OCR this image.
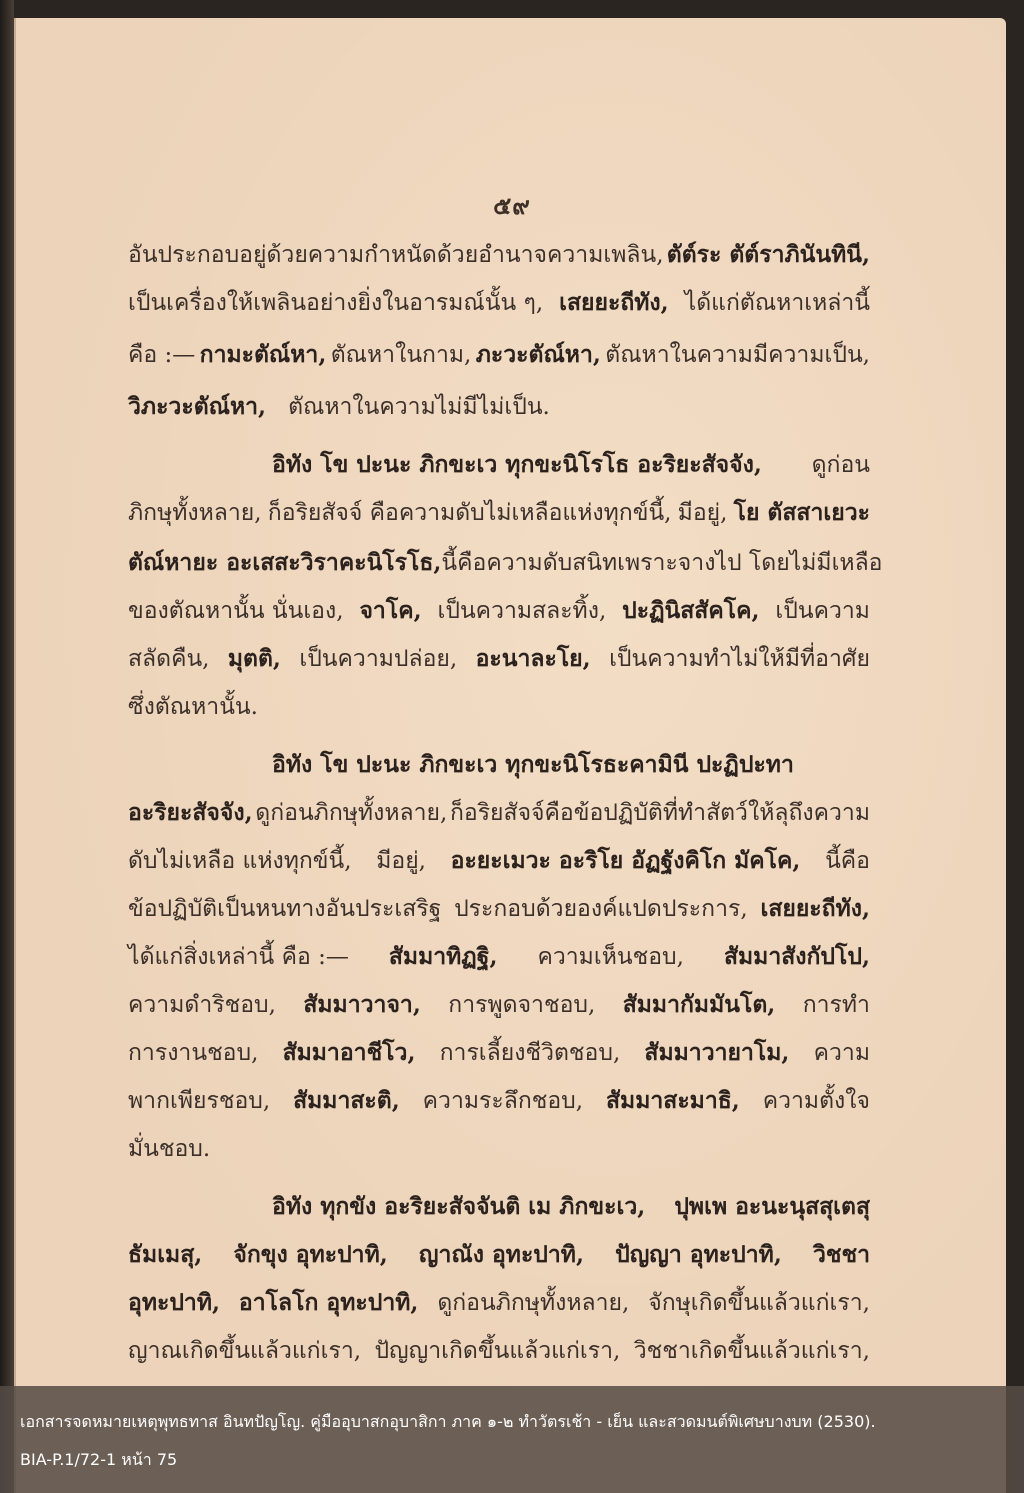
๕๙
อันประกอบอยู่ด้วยความกำหนัดด้วยอำนาจความเพลิน, ตัต์ระ ตัต์ราภินันทินี,
เป็นเครื่องให้เพลินอย่างยิ่งในอารมณ์นั้น ๆ, เสยยะถีทัง, ได้แก่ตัณหาเหล่านี้
คือ :— กามะตัณ์หา, ตัณหาในกาม, ภะวะตัณ์หา, ตัณหาในความมีความเป็น,
วิภะวะตัณ์หา, ตัณหาในความไม่มีไม่เป็น.
อิทัง โข ปะนะ ภิกขะเว ทุกขะนิโรโธ อะริยะสัจจัง, ดูก่อน
ภิกษุทั้งหลาย, ก็อริยสัจจ์ คือความดับไม่เหลือแห่งทุกข์นี้, มีอยู่, โย ตัสสาเยวะ
ตัณ์หายะ อะเสสะวิราคะนิโรโธ, นี้คือความดับสนิทเพราะจางไป โดยไม่มีเหลือ
ของตัณหานั้น นั่นเอง, จาโค, เป็นความสละทิ้ง, ปะฏินิสสัคโค, เป็นความ
สลัดคืน, มุตติ, เป็นความปล่อย, อะนาละโย, เป็นความทำไม่ให้มีที่อาศัย
ซึ่งตัณหานั้น.
อิทัง โข ปะนะ ภิกขะเว ทุกขะนิโรธะคามินี ปะฏิปะทา
อะริยะสัจจัง, ดูก่อนภิกษุทั้งหลาย, ก็อริยสัจจ์คือข้อปฏิบัติที่ทำสัตว์ให้ลุถึงความ
ดับไม่เหลือ แห่งทุกข์นี้, มีอยู่, อะยะเมวะ อะริโย อัฏฐังคิโก มัคโค, นี้คือ
ข้อปฏิบัติเป็นหนทางอันประเสริฐ ประกอบด้วยองค์แปดประการ, เสยยะถีทัง,
ได้แก่สิ่งเหล่านี้ คือ :— สัมมาทิฏฐิ, ความเห็นชอบ, สัมมาสังกัปโป,
ความดำริชอบ, สัมมาวาจา, การพูดจาชอบ, สัมมากัมมันโต, การทำ
การงานชอบ, สัมมาอาชีโว, การเลี้ยงชีวิตชอบ, สัมมาวายาโม, ความ
พากเพียรชอบ, สัมมาสะติ, ความระลึกชอบ, สัมมาสะมาธิ, ความตั้งใจ
มั่นชอบ.
อิทัง ทุกขัง อะริยะสัจจันติ เม ภิกขะเว, ปุพเพ อะนะนุสสุเตสุ
ธัมเมสุ, จักขุง อุทะปาทิ, ญาณัง อุทะปาทิ, ปัญญา อุทะปาทิ, วิชชา
อุทะปาทิ, อาโลโก อุทะปาทิ, ดูก่อนภิกษุทั้งหลาย, จักษุเกิดขึ้นแล้วแก่เรา,
ญาณเกิดขึ้นแล้วแก่เรา, ปัญญาเกิดขึ้นแล้วแก่เรา, วิชชาเกิดขึ้นแล้วแก่เรา,
เอกสารจดหมายเหตุพุทธทาส อินทปัญโญ. คู่มืออุบาสกอุบาสิกา ภาค ๑-๒ ทำวัตรเช้า - เย็น และสวดมนต์พิเศษบางบท (2530).
BIA-P.1/72-1 หน้า 75
